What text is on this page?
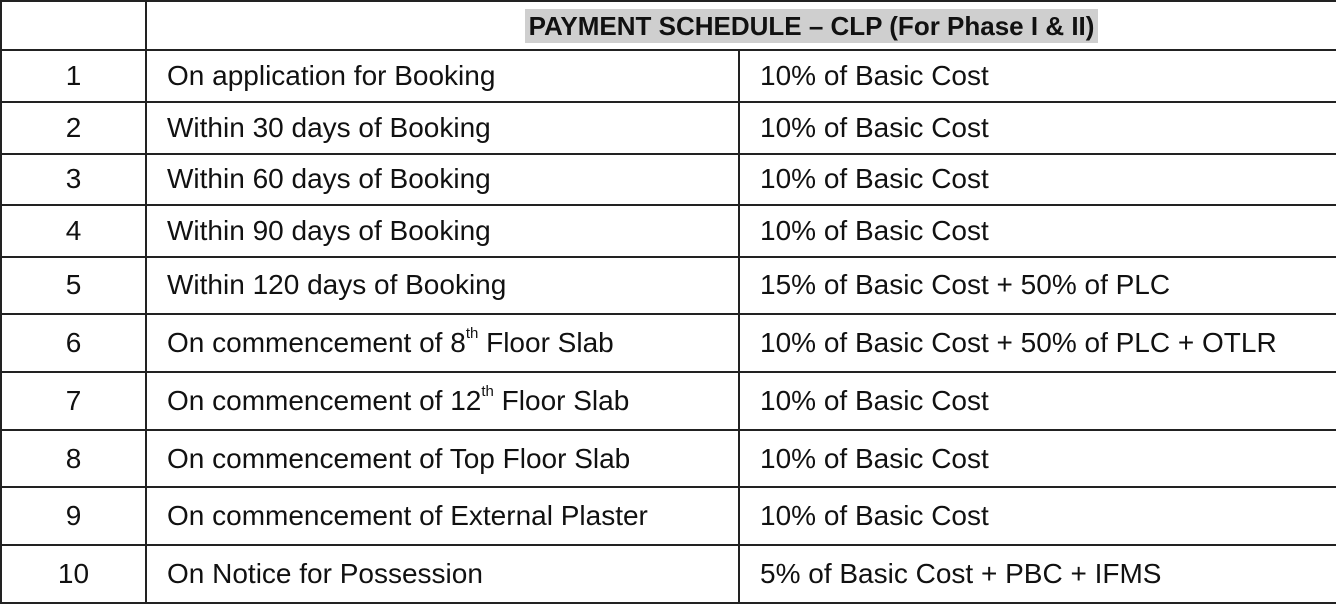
	PAYMENT SCHEDULE – CLP (For Phase I & II)	
1	On application for Booking	10% of Basic Cost
2	Within 30 days of Booking	10% of Basic Cost
3	Within 60 days of Booking	10% of Basic Cost
4	Within 90 days of Booking	10% of Basic Cost
5	Within 120 days of Booking	15% of Basic Cost + 50% of PLC
6	On commencement of 8th Floor Slab	10% of Basic Cost + 50% of PLC + OTLR
7	On commencement of 12th Floor Slab	10% of Basic Cost
8	On commencement of Top Floor Slab	10% of Basic Cost
9	On commencement of External Plaster	10% of Basic Cost
10	On Notice for Possession	5% of Basic Cost + PBC + IFMS
